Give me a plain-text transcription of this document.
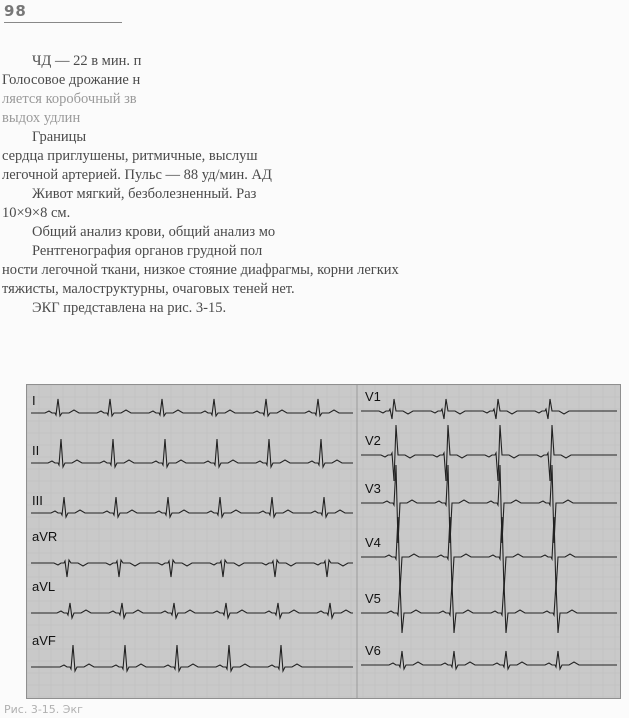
98
ЧД — 22 в мин. п
Голосовое дрожание н
ляется коробочный зв
выдох удлин
Границы
сердца приглушены, ритмичные, выслуш
легочной артерией. Пульс — 88 уд/мин. АД
Живот мягкий, безболезненный. Раз
10×9×8 см.
Общий анализ крови, общий анализ мо
Рентгенография органов грудной пол
ности легочной ткани, низкое стояние диафрагмы, корни легких
тяжисты, малоструктурны, очаговых теней нет.
ЭКГ представлена на рис. 3-15.
I
II
III
aVR
aVL
aVF
V1
V2
V3
V4
V5
V6
Рис. 3-15. Экг
